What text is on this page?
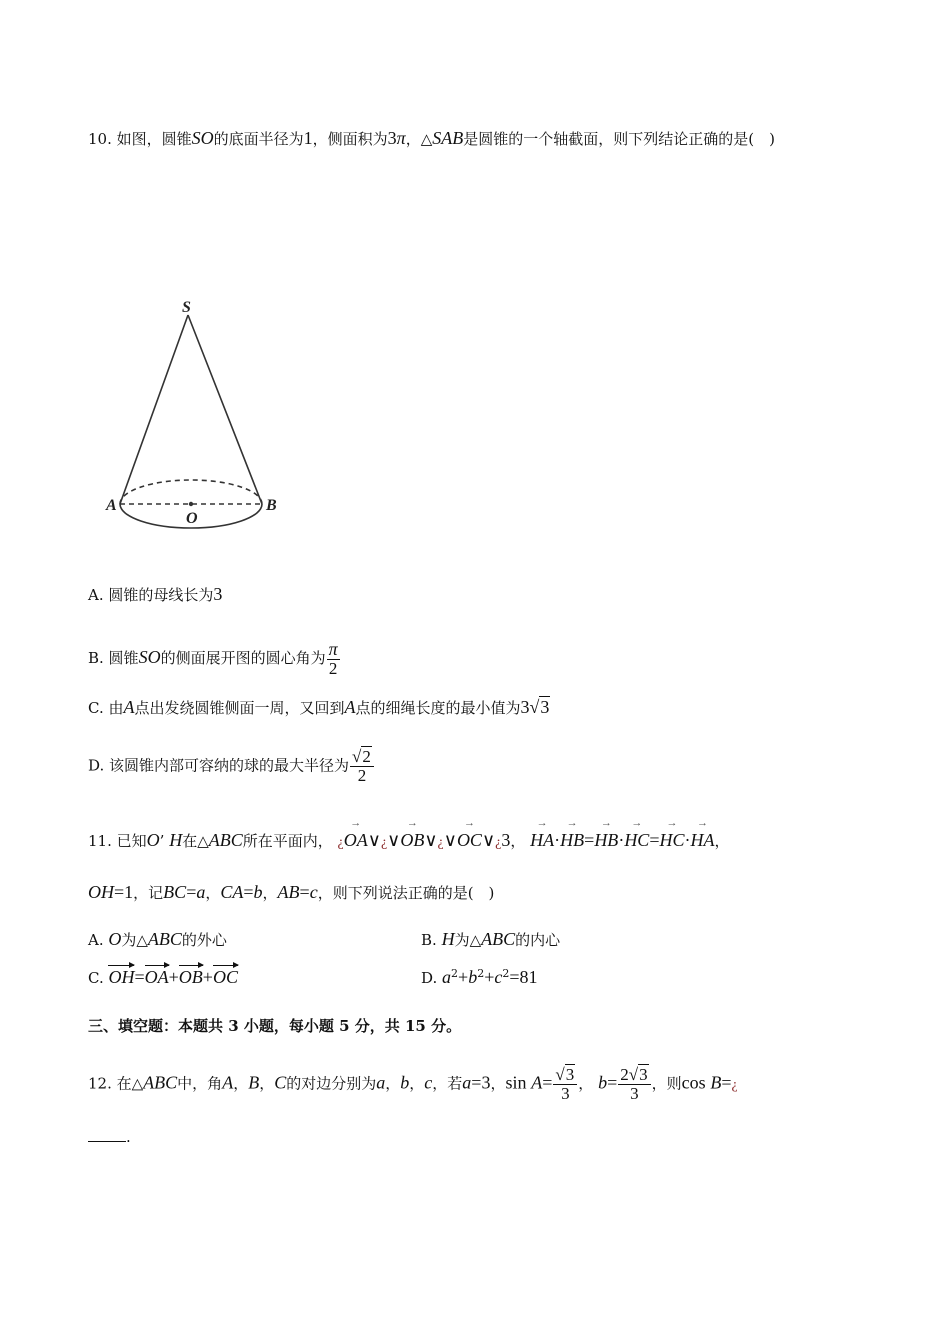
10. 如图，圆锥SO的底面半径为1，侧面积为3π，△SAB是圆锥的一个轴截面，则下列结论正确的是(　)
S
A	B
O
A. 圆锥的母线长为3
B. 圆锥SO的侧面展开图的圆心角为 $\frac{\pi}{2}$
C. 由A点出发绕圆锥侧面一周，又回到A点的细绳长度的最小值为3√3
D. 该圆锥内部可容纳的球的最大半径为 $\frac{√2}{2}$
11. 已知O’ H在△ABC所在平面内， ¿→ OA∨¿∨→ OB∨¿∨→ OC∨¿3， → HA·→ HB=→ HB·→ HC=→ HC·→ HA，
OH=1，记BC=a，CA=b，AB=c，则下列说法正确的是(　)
A. O为△ABC的外心	B. H为△ABC的内心
C. OH=OA+OB+OC	D. $a^2+b^2+c^2=81$
三、填空题：本题共 3 小题，每小题 5 分，共 15 分。
12. 在△ABC中，角A，B，C的对边分别为a，b，c，若a=3，$\sin A= \frac{√3}{3}$ ， $b= \frac{2√3}{3}$ ，则cos B=¿
.
